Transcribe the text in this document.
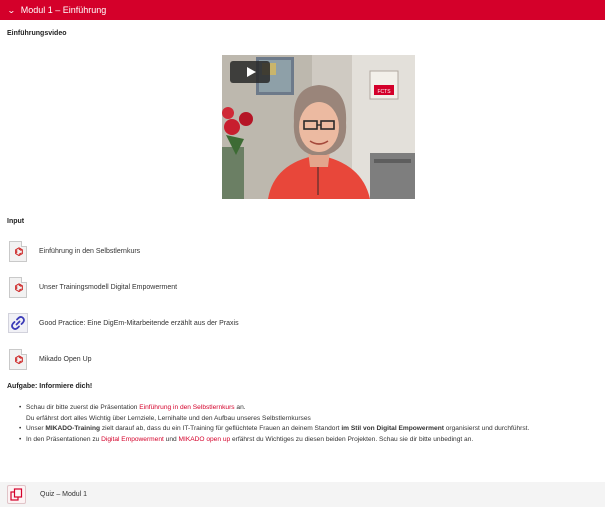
⌄ Modul 1 – Einführung
Einführungsvideo
FCTS
Input
⌬	Einführung in den Selbstlernkurs
⌬	Unser Trainingsmodell Digital Empowerment
Good Practice: Eine DigEm-Mitarbeitende erzählt aus der Praxis
⌬	Mikado Open Up
Aufgabe: Informiere dich!
• Schau dir bitte zuerst die Präsentation Einführung in den Selbstlernkurs an.
Du erfährst dort alles Wichtig über Lernziele, Lernihalte und den Aufbau unseres Selbstlernkurses
• Unser MIKADO-Training zielt darauf ab, dass du ein IT-Training für geflüchtete Frauen an deinem Standort im Stil von Digital Empowerment organisierst und durchführst.
• In den Präsentationen zu Digital Empowerment und MIKADO open up erfährst du Wichtiges zu diesen beiden Projekten. Schau sie dir bitte unbedingt an.
Quiz – Modul 1
